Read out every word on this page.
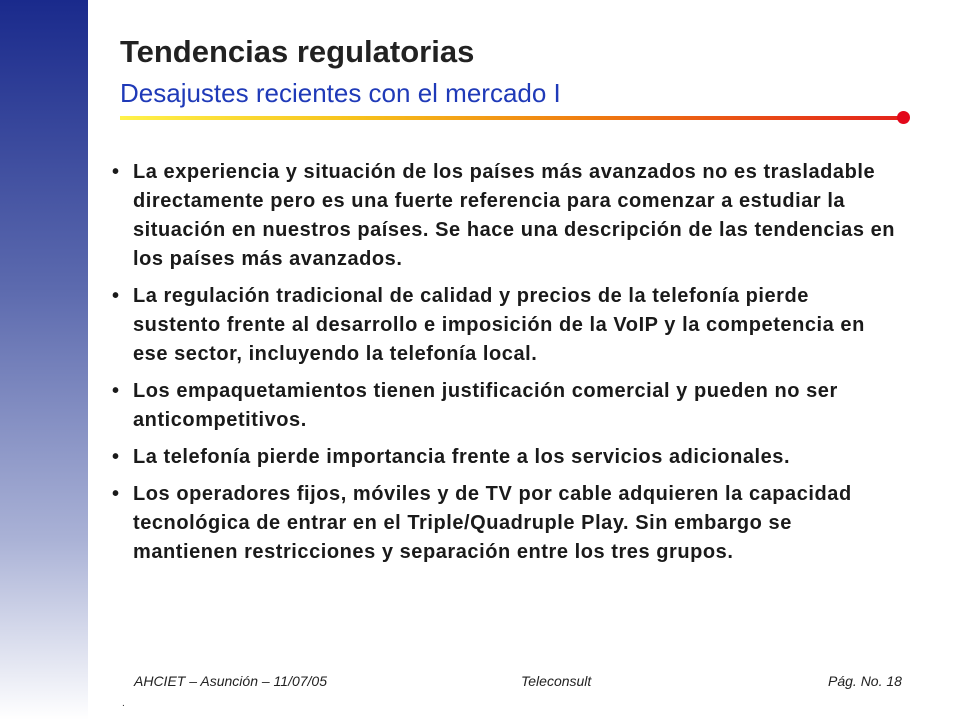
Tendencias regulatorias
Desajustes recientes con el mercado I
• La experiencia y situación de los países más avanzados no es trasladable directamente pero es una fuerte referencia para comenzar a estudiar la situación en nuestros países. Se hace una descripción de las tendencias en los países más avanzados.
• La regulación tradicional de calidad y precios de la telefonía pierde sustento frente al desarrollo e imposición de la VoIP y la competencia en ese sector, incluyendo la telefonía local.
• Los empaquetamientos tienen justificación comercial y pueden no ser anticompetitivos.
• La telefonía pierde importancia frente a los servicios adicionales.
• Los operadores fijos, móviles y de TV por cable adquieren la capacidad tecnológica de entrar en el Triple/Quadruple Play. Sin embargo se mantienen restricciones y separación entre los tres grupos.
AHCIET – Asunción – 11/07/05	Teleconsult	Pág. No. 18
.
